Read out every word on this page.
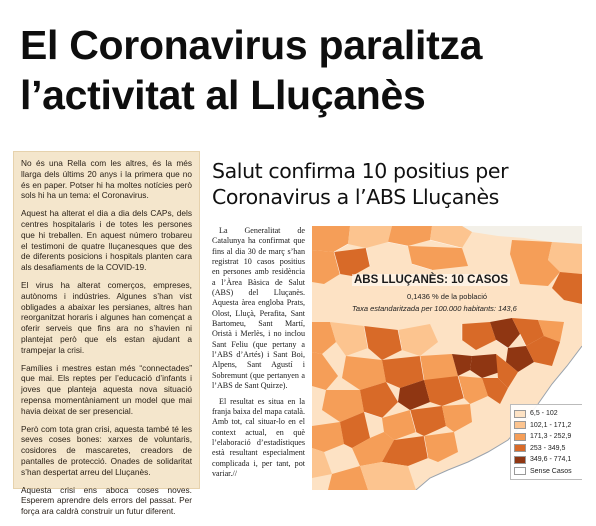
El Coronavirus paralitza
l’activitat al Lluçanès

No és una Rella com les altres, és la més llarga dels últims 20 anys i la primera que no és en paper. Potser hi ha moltes notícies però sols hi ha un tema: el Coronavirus.

Aquest ha alterat el dia a dia dels CAPs, dels centres hospitalaris i de totes les persones que hi treballen. En aquest número trobareu el testimoni de quatre lluçanesques que des de diferents posicions i hospitals planten cara als desafiaments de la COVID-19.

El virus ha alterat comerços, empreses, autònoms i indústries. Algunes s’han vist obligades a abaixar les persianes, altres han reorganitzat horaris i algunes han començat a oferir serveis que fins ara no s’havien ni plantejat però que els estan ajudant a trampejar la crisi.

Famílies i mestres estan més “connectades” que mai. Els reptes per l’educació d’infants i joves que planteja aquesta nova situació repensa momentàniament un model que mai havia deixat de ser presencial.

Però com tota gran crisi, aquesta també té les seves coses bones: xarxes de voluntaris, cosidores de mascaretes, creadors de pantalles de protecció. Onades de solidaritat s’han despertat arreu del Lluçanès.

Aquesta crisi ens aboca coses noves. Esperem aprendre dels errors del passat. Per força ara caldrà construir un futur diferent.

Salut confirma 10 positius per
Coronavirus a l’ABS Lluçanès

La Generalitat de Catalunya ha confirmat que fins al dia 30 de març s’han registrat 10 casos positius en persones amb residència a l’Àrea Bàsica de Salut (ABS) del Lluçanès. Aquesta àrea engloba Prats, Olost, Lluçà, Perafita, Sant Bartomeu, Sant Martí, Oristà i Merlès, i no inclou Sant Feliu (que pertany a l’ABS d’Artés) i Sant Boi, Alpens, Sant Agustí i Sobremunt (que pertanyen a l’ABS de Sant Quirze).

El resultat es situa en la franja baixa del mapa català. Amb tot, cal situar-lo en el context actual, en què l’elaboració d’estadístiques està resultant especialment complicada i, per tant, pot variar.//

ABS LLUÇANÈS: 10 CASOS
0,1436 % de la població
Taxa estandaritzada per 100.000 habitants: 143,6
6,5 - 102
102,1 - 171,2
171,3 - 252,9
253 - 349,5
349,6 - 774,1
Sense Casos
